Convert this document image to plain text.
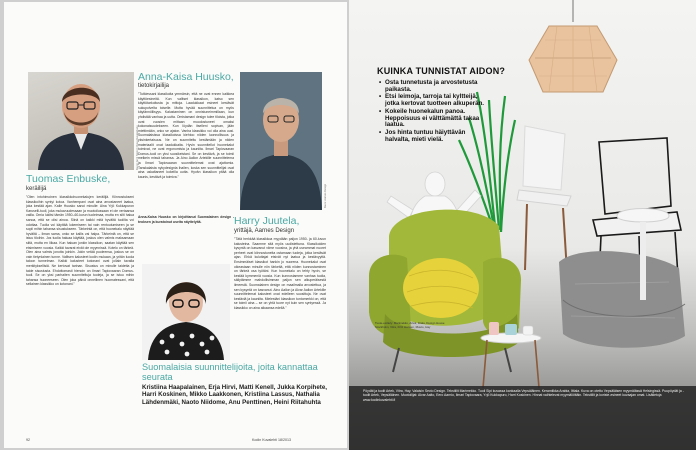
Kuvat: Antti Niemi / Otava Kuvapalvelu
Kuva: Aarnes Design
Tuomas Enbuske,
keräilijä
"Olen intohimoinen klassikkohuonekalujen keräilijä. Kiinnostukseni klassikoihin syntyi kotoa. Vanhempani ovat aina arvostaneet laatua, joka kestää ajan. Kalle Huusko sanoi minulle: Aina Yrjö Kukkapuron Karuselli-tuoli, joka mukavuudessaan ja muotoilussaan ei ole vertaansa vailla. Omia lukitsi tämän 1950–60-luvun tuoleimaa, mutta en silti halua sanoa, että se olisi ainoa. Siinä on kaikki mitä hyvältä tuolilta voi odottaa. Tuolia voi käyttää lukemiseen tai vain rentoutumiseen ja se sopii mihin tahansa sisustukseen. Tärkeintä on, että huonekalu näyttää hyvältä – ilman sama, onko se kallis vai halpa. Tärkeintä on, että se istuu tiloihin. Jos tuolia haluaa käyttää, joskus olen valmis maksamaan siitä, mutta en liikaa. Kun haluan jonkin klassikon, saatan käyttää sen etsimiseen vuosia. Kaikki tavarat eivät ole myynnissä. Kotelo on tärkeä. Olen aina valmis jonotta joinkin. Jokin vetää puoleensa, joskus se on vain tietynlainen tunne. Valitsen kalusteet kodin mukaan, ja yritän luoda taloon tunnelman. Kaikki kalusteet kotonani ovat jollain tavalla merkityksellisiä. Ne kertovat tarinan. Sisustus on minulle taidetta ja taide sisustusta. Ehdottomasti hienoin on Ilmari Tapiovaaran Domus-tuoli. Se on yksi parhaiten suunniteltuja tuoleja, ja se istuu mihin tahansa huoneeseen. Olen joka päivä onnellinen huomatessani, että sellainen klassikko on kotonani."
Anna-Kaisa Huusko,
tietokirjailija
"Tutkiessani klassikoita ymmärsin, että ne ovat ennen kaikkea käyttöesineitä. Kun valitset klassikon, katso sen käyttötarkoitusta ja mittoja. Laadukkaat esineet kestävät sukupolvelta toiselle. Mutta hyvää suunnittelua on myös käytännöllisyys. Kalustaminen on onnistuneimmillaan, kun yhdistää vanhaa ja uutta. Omistamani design tulee tiloista, jotka ovat vuosien mittaan muodostuneet omaksi kokonaisuudekseen. Kun löydän itselleni sopivan, jään miettimään, onko se ajaton. Vanha klassikko voi olla aina uusi. Suomalaisissa klassikoissa kiehtoo niiden luonnollisuus ja yksinkertaisuus. Ne on suunniteltu kestämään ja niiden materiaalit ovat laadukkaita. Hyvin suunnitellut huonekalut toimivat, ne ovat ergonomisia ja kauniita. Ilmari Tapiovaaran Domus-tuoli on yksi suosikeistani. Se on kestävä, ja se toimii melkein missä tahansa. Ja Aino Aallon Artekille suunnittelema ja Ilmari Tapiovaaran suunnittelemat ovat ajattomia. Tanskalaista nykydesignia ihailen, koska sen suunnittelijat ovat aina uskaltaneet kokeilla uutta. Hyvän klassikon pitää olla kaunis, kestävä ja toimiva."
Anna-Kaisa Huusko on kirjoittanut Suomalainen design -teoksen ja kuratoinut useita näyttelyitä.	Harry Juutela,
yrittäjä, Aarnes Design
"Tätä herkkää klassikkoa myydään paljon 1950- ja 60-luvun kalusteina. Saamme sitä myös uudistettuna. Klassikoiden kysyntä on kasvanut viime vuosina, ja yhä useammat nuoret perheet ovat kiinnostuneita ostamaan tuoleja, jotka kestävät ajan. Ehkä kuluttajat etsivät nyt laatua ja kestävyyttä. Ensimmäiset klassikot hankin jo nuorena. Huonekalut ovat oikeastaan minulle niin tärkeitä, että niiden kunnostaminen on tärkeä osa työtäni. Kun huonekalu on tehty hyvin, se kestää kymmeniä vuosia. Kun kunnostamme vanhaa tuolia, säilytämme mahdollisimman paljon sen alkuperäisestä ilmeestä. Suomalainen design on maailmalla arvostettua, ja sen kysyntä on kasvanut. Aino Aallon ja Alvar Aallon Artekille suunnittelemat kalusteet ovat edelleen suosittuja. Ne ovat kestäviä ja kauniita. Mielestäni klassikon tuntomerkki on, että se toimii aina – se on yhtä tuore nyt kuin sen syntyessä. Ja klassikko on aina aikaansa edellä."
Suomalaisia suunnittelijoita, joita kannattaa seurata
Kristiina Haapalainen, Erja Hirvi, Matti Kenell, Jukka Korpihete, Harri Koskinen, Mikko Laakkonen, Kristiina Lassus, Nathalia Lähdenmäki, Naoto Niidome, Anu Penttinen, Heini Riitahuhta
92	Kodin Kuvalehti 18/2013
KUINKA TUNNISTAT AIDON?
• Osta tunnetusta ja arvostetusta paikasta.
• Etsi leimoja, tarroja tai kyltteijä, jotka kertovat tuotteen alkuperän.
• Kokeile huonekalun panoa. Heppoisuus ei välttämättä takaa laatua.
• Jos hinta tuntuu häiyttävän halvalta, mieti vielä.
Tuote-esittely: Marimekko, Artek, Iittala, Design House Stockholm, Vitra, Fritz Hansen, Muuto, Hay
Pöydät ja tuolit Artek, Vitra, Hay. Valaisin Secto Design. Tekstiilit Marimekko. Tuoli Sipi kuvassa kankaalla Vepsäläinen. Keramiikka Arabia, Iittala. Kuva on otettu Vepsäläisen myymälässä Helsingissä. Puupöydät ja -tuolit Artek, Vepsäläinen. Muotoilijat: Alvar Aalto, Eero Aarnio, Ilmari Tapiovaara, Yrjö Kukkapuro, Harri Koskinen. Hinnat vaihtelevat myymälöittäin. Tekstiilit ja koriste-esineet kuvaajan omat. Lisätietoja www.kodinkuvalehti.fi
